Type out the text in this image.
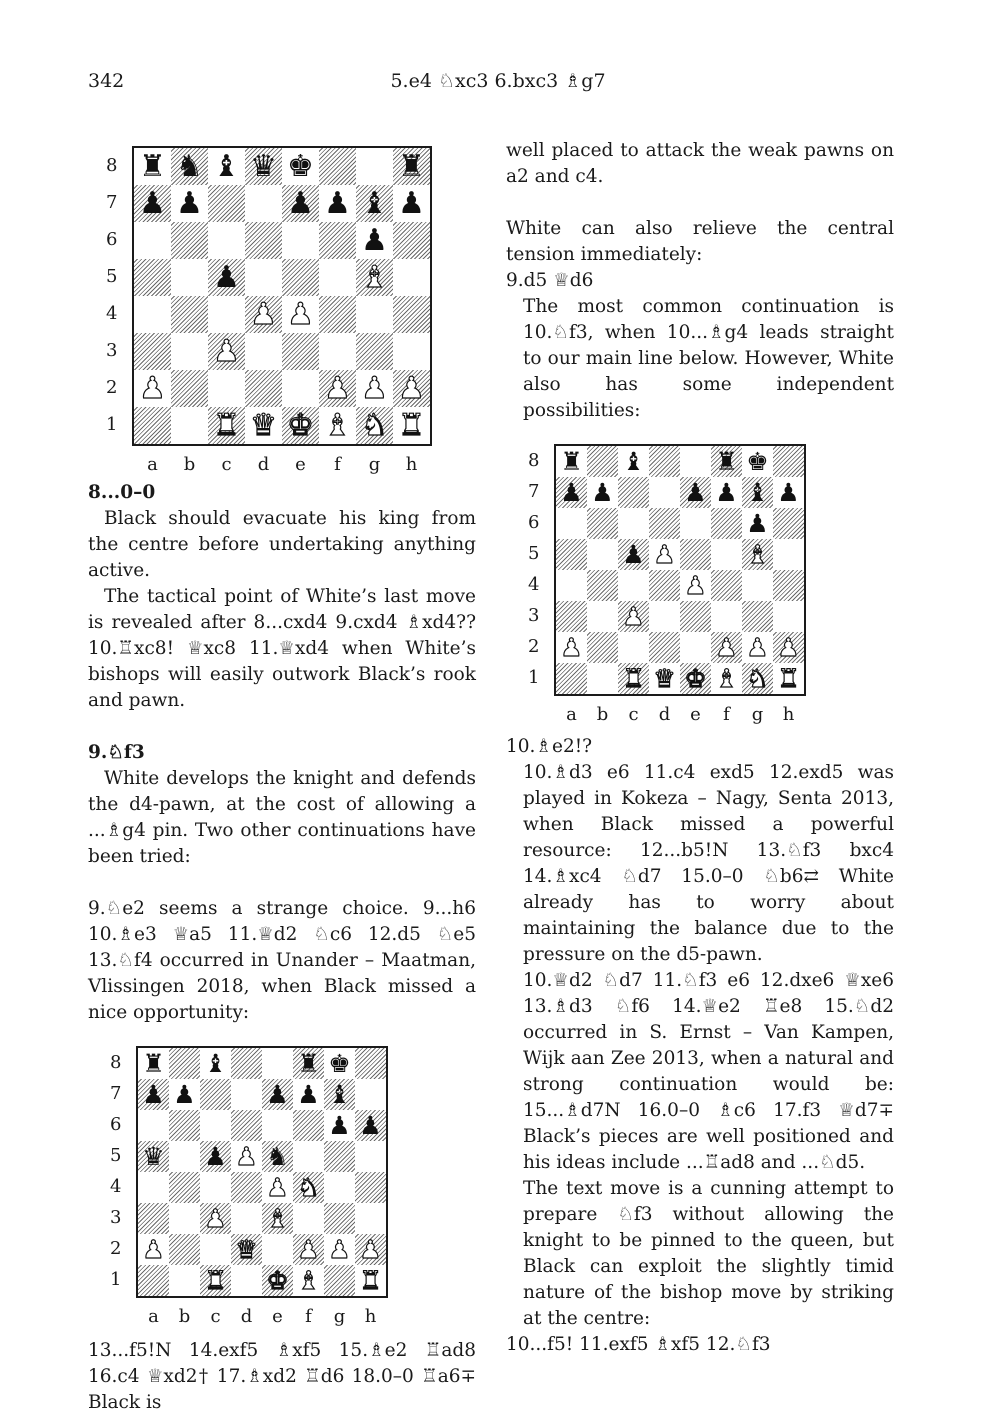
342	5.e4 ♘xc3 6.bxc3 ♗g7
8
7
6
5
4
3
2
1
♜ ♞ ♝ ♛ ♚	♜
♟ ♟	♟ ♟ ♝ ♟
♟
♟	♝
♟ ♟
♟
♟	♟ ♟ ♟
♜ ♛ ♚ ♝ ♞ ♜
a	b	c	d	e	f	g	h

8...0–0

Black should evacuate his king from the centre before undertaking anything active.

The tactical point of White’s last move is revealed after 8...cxd4 9.cxd4 ♗xd4?? 10.♖xc8! ♕xc8 11.♕xd4 when White’s bishops will easily outwork Black’s rook and pawn.

9.♘f3

White develops the knight and defends the d4-pawn, at the cost of allowing a ...♗g4 pin. Two other continuations have been tried:

9.♘e2 seems a strange choice. 9...h6 10.♗e3 ♕a5 11.♕d2 ♘c6 12.d5 ♘e5 13.♘f4 occurred in Unander – Maatman, Vlissingen 2018, when Black missed a nice opportunity:

8
7
6
5
4
3
2
1
♜ ♝	♜ ♚
♟ ♟	♟ ♟ ♝
♟ ♟
♛ ♟ ♟ ♞
♟ ♞
♟ ♝
♟	♛ ♟ ♟ ♟
♜ ♚ ♝ ♜
a	b	c	d	e	f	g	h

13...f5!N 14.exf5 ♗xf5 15.♗e2 ♖ad8 16.c4 ♕xd2† 17.♗xd2 ♖d6 18.0–0 ♖a6∓ Black is

well placed to attack the weak pawns on a2 and c4.

White can also relieve the central tension immediately:

9.d5 ♕d6

The most common continuation is 10.♘f3, when 10...♗g4 leads straight to our main line below. However, White also has some independent possibilities:

8
7
6
5
4
3
2
1
♜ ♝	♜ ♚
♟ ♟	♟ ♟ ♝ ♟
♟
♟ ♟	♝
♟
♟
♟	♟ ♟ ♟
♜ ♛ ♚ ♝ ♞ ♜
a	b	c	d	e	f	g	h

10.♗e2!?

10.♗d3 e6 11.c4 exd5 12.exd5 was played in Kokeza – Nagy, Senta 2013, when Black missed a powerful resource: 12...b5!N 13.♘f3 bxc4 14.♗xc4 ♘d7 15.0–0 ♘b6⇄ White already has to worry about maintaining the balance due to the pressure on the d5-pawn.

10.♕d2 ♘d7 11.♘f3 e6 12.dxe6 ♕xe6 13.♗d3 ♘f6 14.♕e2 ♖e8 15.♘d2 occurred in S. Ernst – Van Kampen, Wijk aan Zee 2013, when a natural and strong continuation would be: 15...♗d7N 16.0–0 ♗c6 17.f3 ♕d7∓ Black’s pieces are well positioned and his ideas include ...♖ad8 and ...♘d5.

The text move is a cunning attempt to prepare ♘f3 without allowing the knight to be pinned to the queen, but Black can exploit the slightly timid nature of the bishop move by striking at the centre:

10...f5! 11.exf5 ♗xf5 12.♘f3
